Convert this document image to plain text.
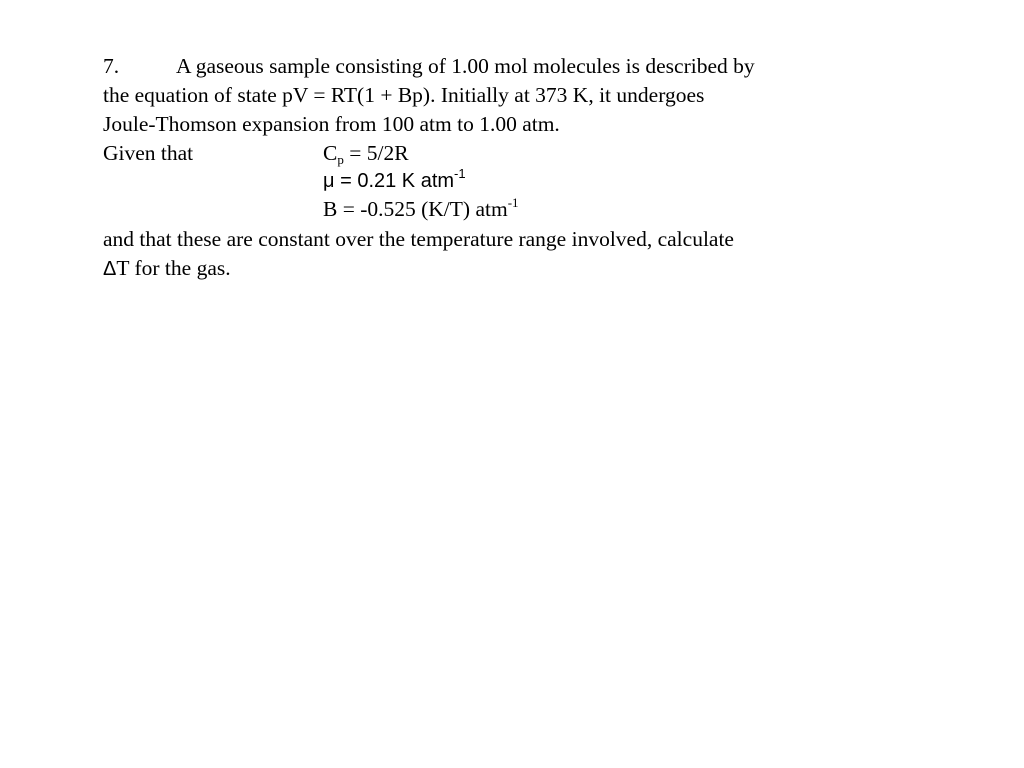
7.	A gaseous sample consisting of 1.00 mol molecules is described by
the equation of state pV = RT(1 + Bp). Initially at 373 K, it undergoes
Joule-Thomson expansion from 100 atm to 1.00 atm.
Given that	$C_p = 5/2R$
μ = 0.21 K atm$^{-1}$
B = -0.525 (K/T) atm$^{-1}$
and that these are constant over the temperature range involved, calculate
ΔT for the gas.
